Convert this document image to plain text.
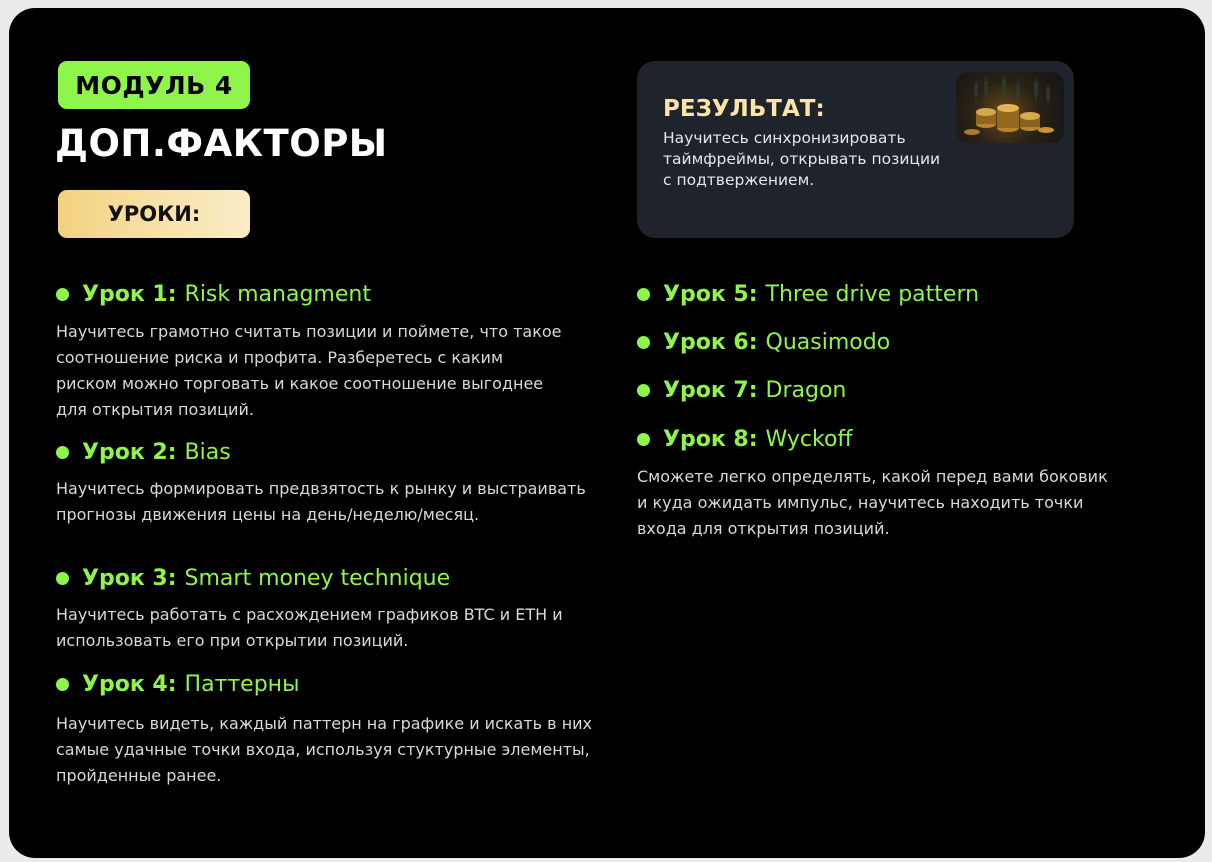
МОДУЛЬ 4
ДОП.ФАКТОРЫ
УРОКИ:
РЕЗУЛЬТАТ:
Научитесь синхронизировать таймфреймы, открывать позиции с подтвержением.
Урок 1: Risk managment
Научитесь грамотно считать позиции и поймете, что такое
соотношение риска и профита. Разберетесь с каким
риском можно торговать и какое соотношение выгоднее
для открытия позиций.
Урок 2: Bias
Научитесь формировать предвзятость к рынку и выстраивать
прогнозы движения цены на день/неделю/месяц.
Урок 3: Smart money technique
Научитесь работать с расхождением графиков BTC и ETH и
использовать его при открытии позиций.
Урок 4: Паттерны
Научитесь видеть, каждый паттерн на графике и искать в них
самые удачные точки входа, используя стуктурные элементы,
пройденные ранее.
Урок 5: Three drive pattern
Урок 6: Quasimodo
Урок 7: Dragon
Урок 8: Wyckoff
Сможете легко определять, какой перед вами боковик
и куда ожидать импульс, научитесь находить точки
входа для открытия позиций.
